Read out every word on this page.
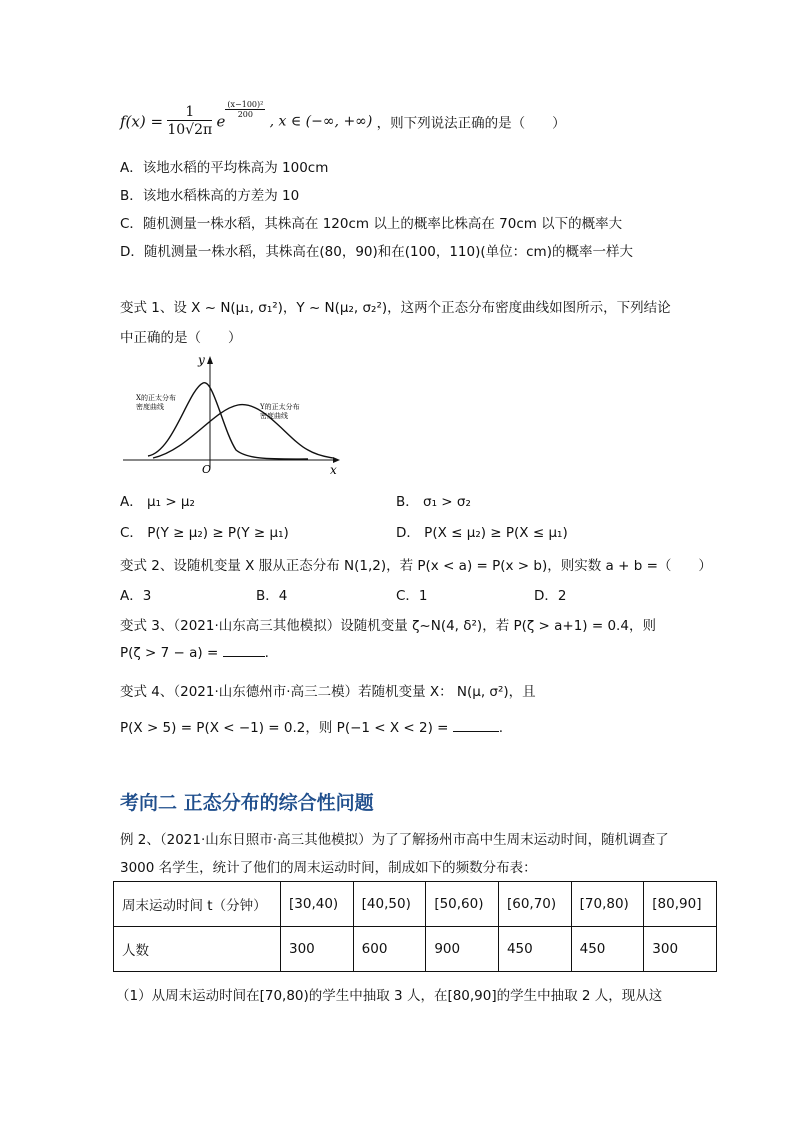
$f(x) = \frac{1}{10√2\pi}$ e
$\frac{\text{(x−100)²}}{200}$
, x ∈ (−∞, +∞) ，则下列说法正确的是（　　）
A．该地水稻的平均株高为 100cm
B．该地水稻株高的方差为 10
C．随机测量一株水稻，其株高在 120cm 以上的概率比株高在 70cm 以下的概率大
D．随机测量一株水稻，其株高在(80，90)和在(100，110)(单位：cm)的概率一样大
变式 1、设 X ~ N(μ₁, σ₁²)，Y ~ N(μ₂, σ₂²)，这两个正态分布密度曲线如图所示，下列结论
中正确的是（　　）
y
x
O
X的正太分布
密度曲线	Y的正太分布
密度曲线
A． μ₁ > μ₂	B． σ₁ > σ₂
C． P(Y ≥ μ₂) ≥ P(Y ≥ μ₁)	D． P(X ≤ μ₂) ≥ P(X ≤ μ₁)
变式 2、设随机变量 X 服从正态分布 N(1,2)，若 P(x < a) = P(x > b)，则实数 a + b =（　　）
A．3	B．4	C．1	D．2
变式 3、（2021·山东高三其他模拟）设随机变量 ζ~N(4, δ²)，若 P(ζ > a+1) = 0.4，则
P(ζ > 7 − a) =	.
变式 4、（2021·山东德州市·高三二模）若随机变量 X： N(μ, σ²)，且
P(X > 5) = P(X < −1) = 0.2，则 P(−1 < X < 2) =	.
考向二 正态分布的综合性问题
例 2、（2021·山东日照市·高三其他模拟）为了了解扬州市高中生周末运动时间，随机调查了
3000 名学生，统计了他们的周末运动时间，制成如下的频数分布表：
周末运动时间 t（分钟）	[30,40)	[40,50)	[50,60)	[60,70)	[70,80)	[80,90]
人数	300	600	900	450	450	300
（1）从周末运动时间在[70,80)的学生中抽取 3 人，在[80,90]的学生中抽取 2 人，现从这
